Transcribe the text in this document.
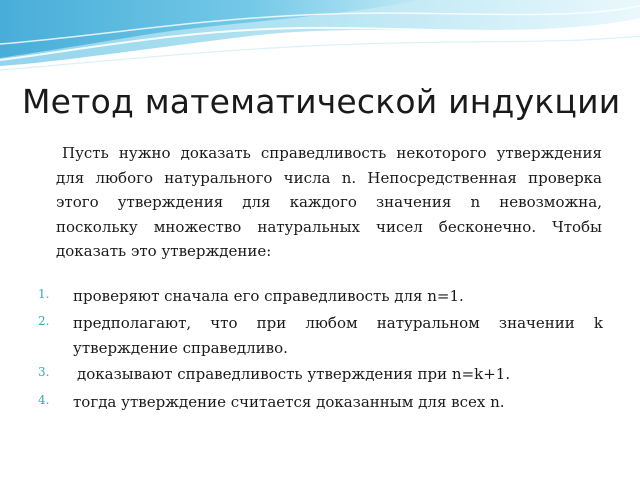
Метод математической индукции
Пусть нужно доказать справедливость некоторого утверждения для любого натурального числа n. Непосредственная проверка этого утверждения для каждого значения n невозможна, поскольку множество натуральных чисел бесконечно. Чтобы доказать это утверждение:
1. проверяют сначала его справедливость для n=1.
2. предполагают, что при любом натуральном значении k утверждение справедливо.
3. доказывают справедливость утверждения при n=k+1.
4. тогда утверждение считается доказанным для всех n.
